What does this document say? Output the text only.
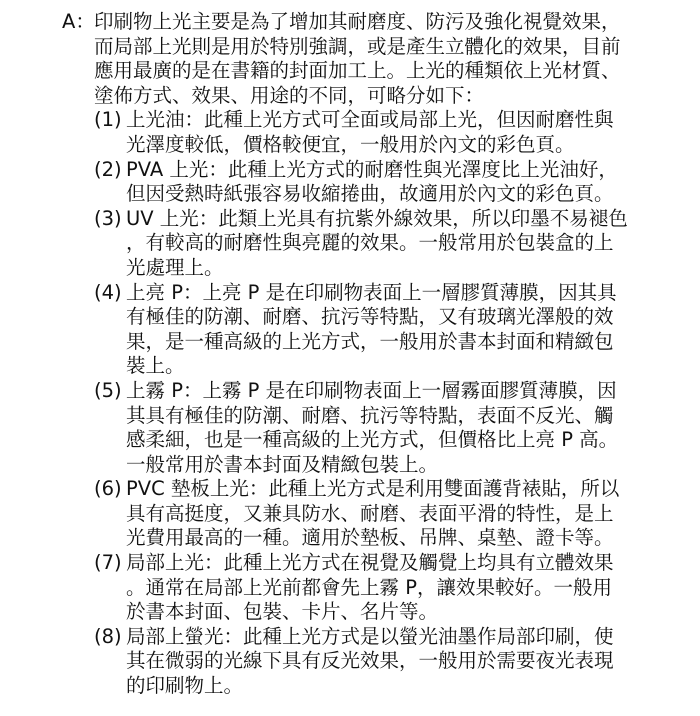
A： 印刷物上光主要是為了增加其耐磨度、防污及強化視覺效果，
而局部上光則是用於特別強調，或是產生立體化的效果，目前
應用最廣的是在書籍的封面加工上。上光的種類依上光材質、
塗佈方式、效果、用途的不同，可略分如下：
(1) 上光油：此種上光方式可全面或局部上光，但因耐磨性與
光澤度較低，價格較便宜，一般用於內文的彩色頁。
(2) PVA 上光：此種上光方式的耐磨性與光澤度比上光油好，
但因受熱時紙張容易收縮捲曲，故適用於內文的彩色頁。
(3) UV 上光：此類上光具有抗紫外線效果，所以印墨不易褪色
，有較高的耐磨性與亮麗的效果。一般常用於包裝盒的上
光處理上。
(4) 上亮 P：上亮 P 是在印刷物表面上一層膠質薄膜，因其具
有極佳的防潮、耐磨、抗污等特點，又有玻璃光澤般的效
果，是一種高級的上光方式，一般用於書本封面和精緻包
裝上。
(5) 上霧 P：上霧 P 是在印刷物表面上一層霧面膠質薄膜，因
其具有極佳的防潮、耐磨、抗污等特點，表面不反光、觸
感柔細，也是一種高級的上光方式，但價格比上亮 P 高。
一般常用於書本封面及精緻包裝上。
(6) PVC 墊板上光：此種上光方式是利用雙面護背裱貼，所以
具有高挺度，又兼具防水、耐磨、表面平滑的特性，是上
光費用最高的一種。適用於墊板、吊牌、桌墊、證卡等。
(7) 局部上光：此種上光方式在視覺及觸覺上均具有立體效果
。通常在局部上光前都會先上霧 P，讓效果較好。一般用
於書本封面、包裝、卡片、名片等。
(8) 局部上螢光：此種上光方式是以螢光油墨作局部印刷，使
其在微弱的光線下具有反光效果，一般用於需要夜光表現
的印刷物上。
